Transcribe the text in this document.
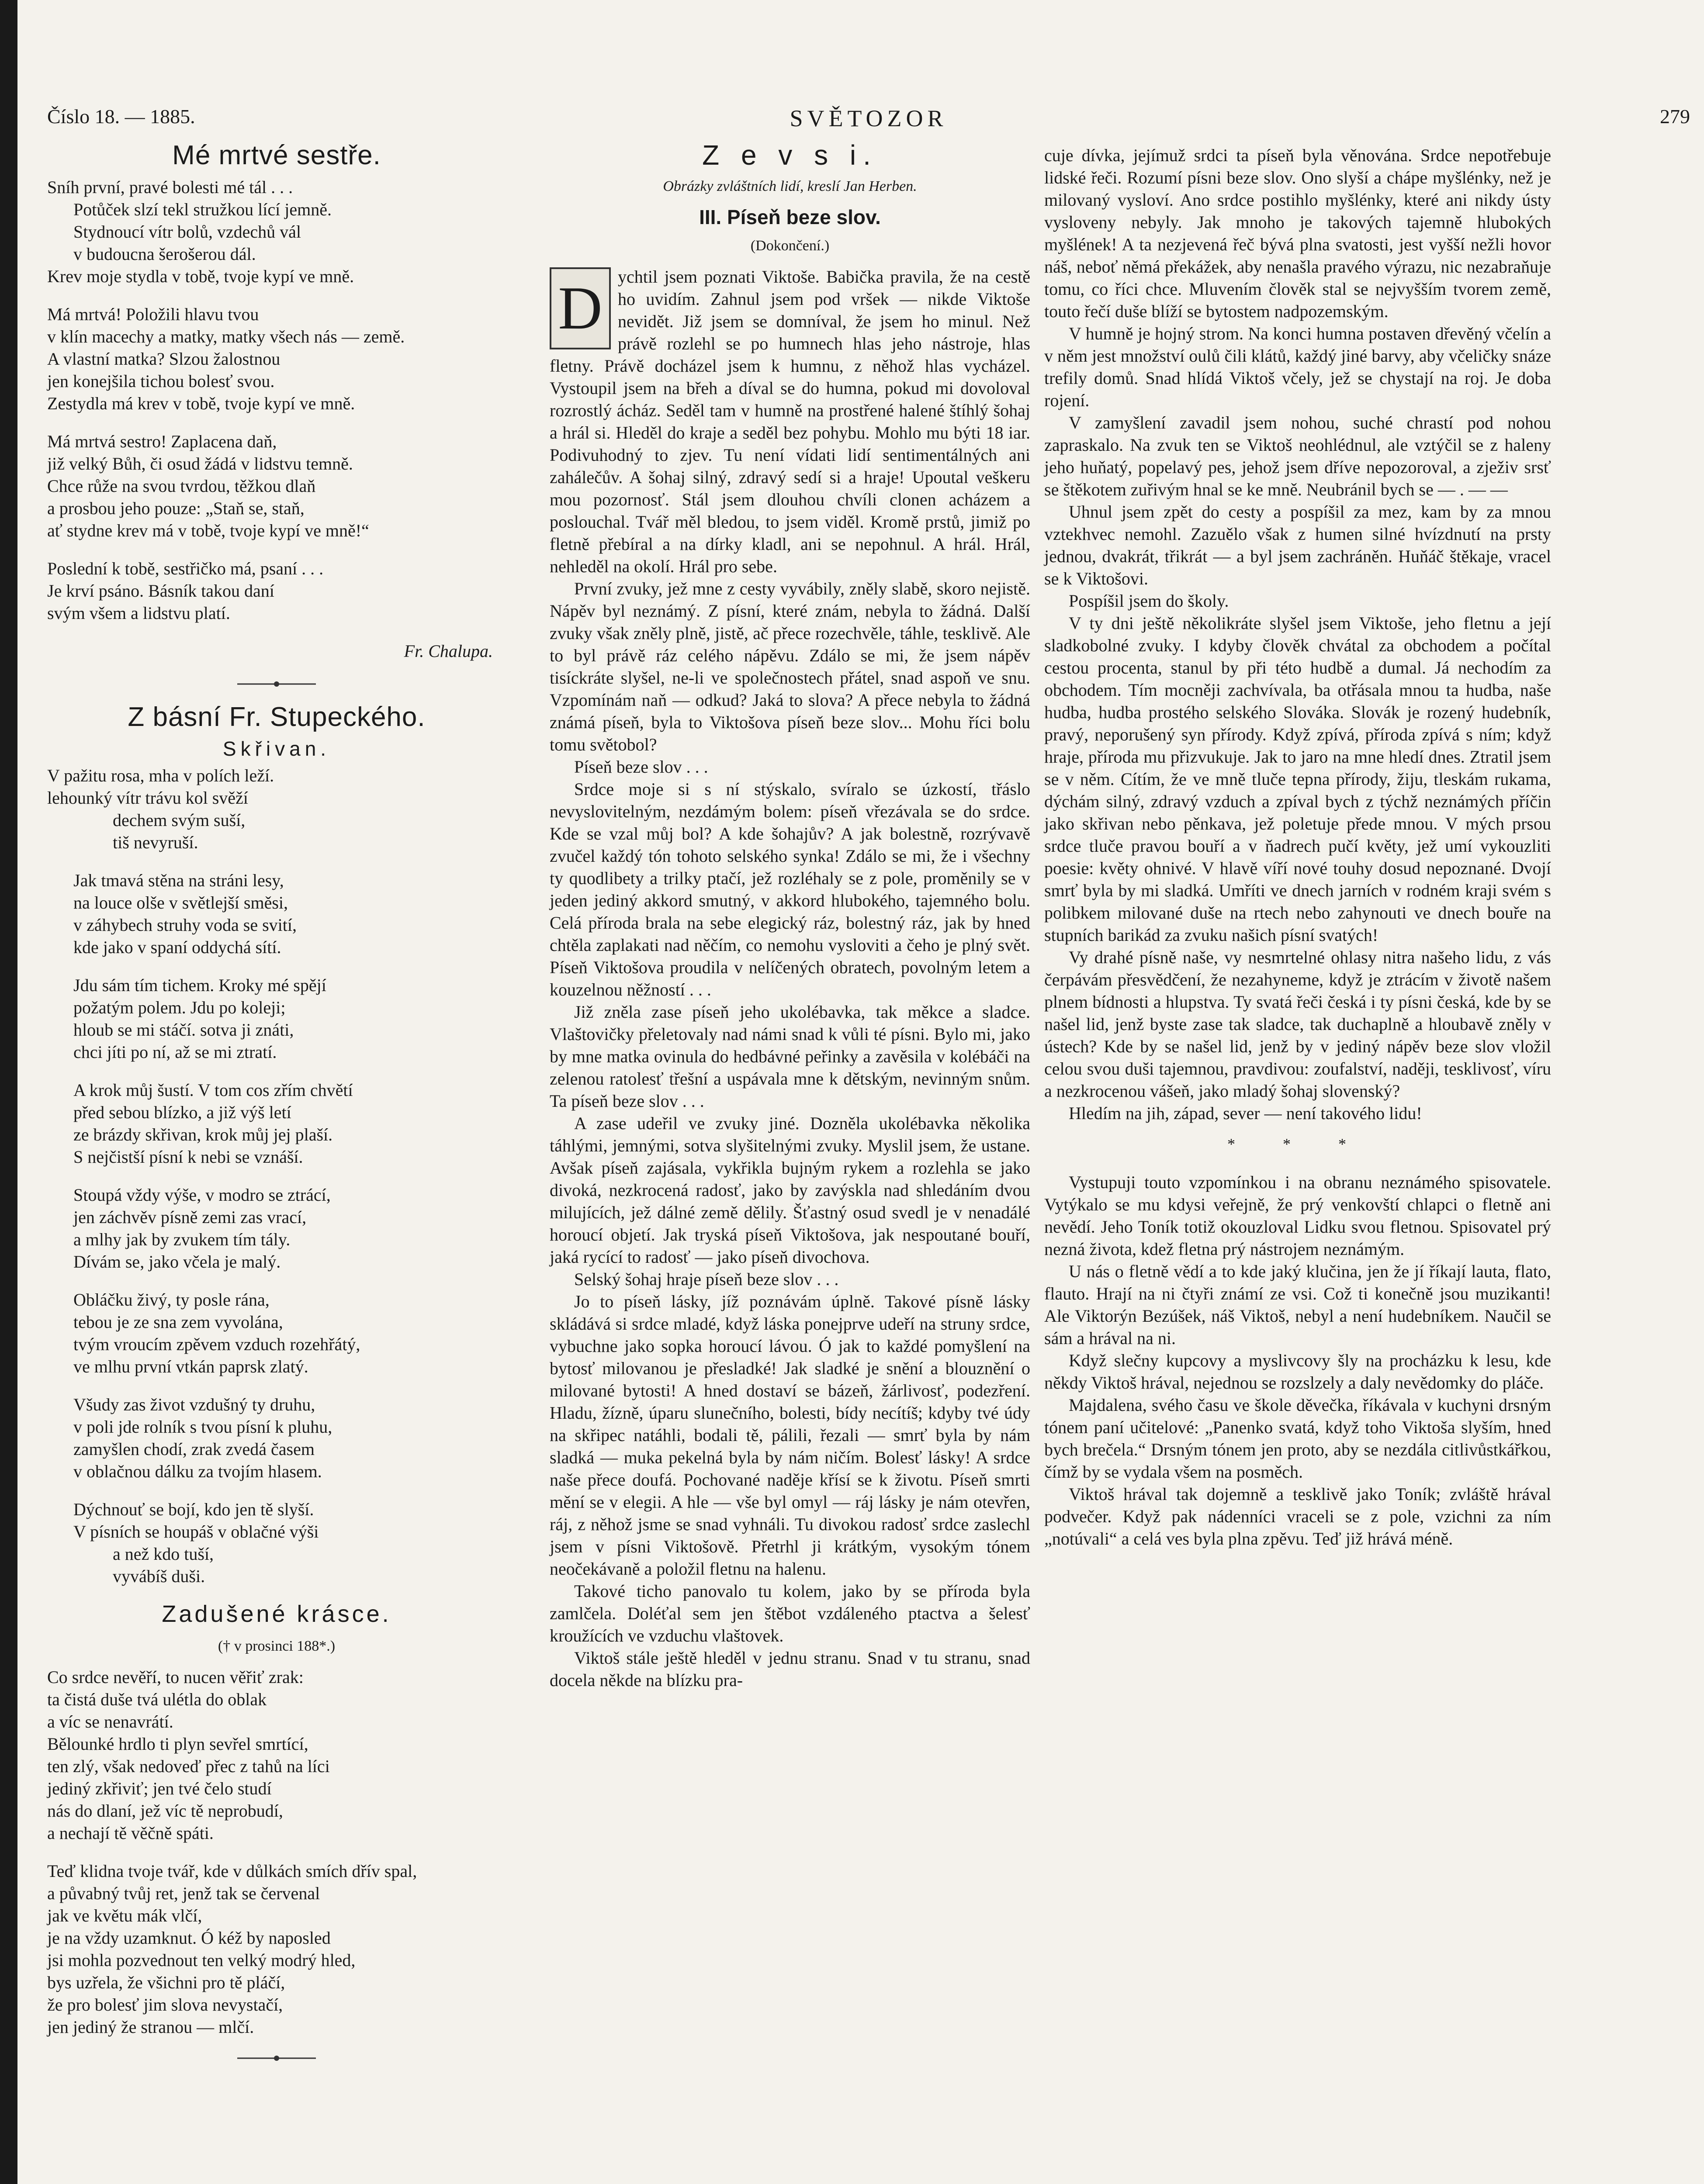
Číslo 18. — 1885.	SVĚTOZOR	279
Mé mrtvé sestře.
Sníh první, pravé bolesti mé tál . . .
Potůček slzí tekl stružkou lící jemně.
Stydnoucí vítr bolů, vzdechů vál
v budoucna šerošerou dál.
Krev moje stydla v tobě, tvoje kypí ve mně.
Má mrtvá! Položili hlavu tvou
v klín macechy a matky, matky všech nás — země.
A vlastní matka? Slzou žalostnou
jen konejšila tichou bolesť svou.
Zestydla má krev v tobě, tvoje kypí ve mně.
Má mrtvá sestro! Zaplacena daň,
již velký Bůh, či osud žádá v lidstvu temně.
Chce růže na svou tvrdou, těžkou dlaň
a prosbou jeho pouze: „Staň se, staň,
ať stydne krev má v tobě, tvoje kypí ve mně!“
Poslední k tobě, sestřičko má, psaní . . .
Je krví psáno. Básník takou daní
svým všem a lidstvu platí.
Fr. Chalupa.
Z básní Fr. Stupeckého.
Skřivan.
V pažitu rosa, mha v polích leží.
lehounký vítr trávu kol svěží
dechem svým suší,
tiš nevyruší.
Jak tmavá stěna na stráni lesy,
na louce olše v světlejší směsi,
v záhybech struhy voda se svití,
kde jako v spaní oddychá sítí.
Jdu sám tím tichem. Kroky mé spějí
požatým polem. Jdu po koleji;
hloub se mi stáčí. sotva ji znáti,
chci jíti po ní, až se mi ztratí.
A krok můj šustí. V tom cos zřím chvětí
před sebou blízko, a již výš letí
ze brázdy skřivan, krok můj jej plaší.
S nejčistší písní k nebi se vznáší.
Stoupá vždy výše, v modro se ztrácí,
jen záchvěv písně zemi zas vrací,
a mlhy jak by zvukem tím tály.
Dívám se, jako včela je malý.
Obláčku živý, ty posle rána,
tebou je ze sna zem vyvolána,
tvým vroucím zpěvem vzduch rozehřátý,
ve mlhu první vtkán paprsk zlatý.
Všudy zas život vzdušný ty druhu,
v poli jde rolník s tvou písní k pluhu,
zamyšlen chodí, zrak zvedá časem
v oblačnou dálku za tvojím hlasem.
Dýchnouť se bojí, kdo jen tě slyší.
V písních se houpáš v oblačné výši
a než kdo tuší,
vyvábíš duši.
Zadušené krásce.
(† v prosinci 188*.)
Co srdce nevěří, to nucen věřiť zrak:
ta čistá duše tvá ulétla do oblak
a víc se nenavrátí.
Bělounké hrdlo ti plyn sevřel smrtící,
ten zlý, však nedoveď přec z tahů na líci
jediný zkřiviť; jen tvé čelo studí
nás do dlaní, jež víc tě neprobudí,
a nechají tě věčně spáti.
Teď klidna tvoje tvář, kde v důlkách smích dřív spal,
a půvabný tvůj ret, jenž tak se červenal
jak ve květu mák vlčí,
je na vždy uzamknut. Ó kéž by naposled
jsi mohla pozvednout ten velký modrý hled,
bys uzřela, že všichni pro tě pláčí,
že pro bolesť jim slova nevystačí,
jen jediný že stranou — mlčí.
Z e v s i.
Obrázky zvláštních lidí, kreslí Jan Herben.
III. Píseň beze slov.
(Dokončení.)

D ychtil jsem poznati Viktoše. Babička pravila, že na cestě ho uvidím. Zahnul jsem pod vršek — nikde Viktoše nevidět. Již jsem se domníval, že jsem ho minul. Než právě rozlehl se po humnech hlas jeho nástroje, hlas fletny. Právě docházel jsem k humnu, z něhož hlas vycházel. Vystoupil jsem na břeh a díval se do humna, pokud mi dovoloval rozrostlý ácház. Seděl tam v humně na prostřené halené štíhlý šohaj a hrál si. Hleděl do kraje a seděl bez pohybu. Mohlo mu býti 18 iar. Podivuhodný to zjev. Tu není vídati lidí sentimentálných ani zahálečův. A šohaj silný, zdravý sedí si a hraje! Upoutal veškeru mou pozornosť. Stál jsem dlouhou chvíli clonen acházem a poslouchal. Tvář měl bledou, to jsem viděl. Kromě prstů, jimiž po fletně přebíral a na dírky kladl, ani se nepohnul. A hrál. Hrál, nehleděl na okolí. Hrál pro sebe.

První zvuky, jež mne z cesty vyvábily, zněly slabě, skoro nejistě. Nápěv byl neznámý. Z písní, které znám, nebyla to žádná. Další zvuky však zněly plně, jistě, ač přece rozechvěle, táhle, tesklivě. Ale to byl právě ráz celého nápěvu. Zdálo se mi, že jsem nápěv tisíckráte slyšel, ne-li ve společnostech přátel, snad aspoň ve snu. Vzpomínám naň — odkud? Jaká to slova? A přece nebyla to žádná známá píseň, byla to Viktošova píseň beze slov... Mohu říci bolu tomu světobol?

Píseň beze slov . . .

Srdce moje si s ní stýskalo, svíralo se úzkostí, třáslo nevyslovitelným, nezdámým bolem: píseň vřezávala se do srdce. Kde se vzal můj bol? A kde šohajův? A jak bolestně, rozrývavě zvučel každý tón tohoto selského synka! Zdálo se mi, že i všechny ty quodlibety a trilky ptačí, jež rozléhaly se z pole, proměnily se v jeden jediný akkord smutný, v akkord hlubokého, tajemného bolu. Celá příroda brala na sebe elegický ráz, bolestný ráz, jak by hned chtěla zaplakati nad něčím, co nemohu vysloviti a čeho je plný svět. Píseň Viktošova proudila v nelíčených obratech, povolným letem a kouzelnou něžností . . .

Již zněla zase píseň jeho ukolébavka, tak měkce a sladce. Vlaštovičky přeletovaly nad námi snad k vůli té písni. Bylo mi, jako by mne matka ovinula do hedbávné peřinky a zavěsila v kolébáči na zelenou ratolesť třešní a uspávala mne k dětským, nevinným snům. Ta píseň beze slov . . .

A zase udeřil ve zvuky jiné. Dozněla ukolébavka několika táhlými, jemnými, sotva slyšitelnými zvuky. Myslil jsem, že ustane. Avšak píseň zajásala, vykřikla bujným rykem a rozlehla se jako divoká, nezkrocená radosť, jako by zavýskla nad shledáním dvou milujících, jež dálné země dělily. Šťastný osud svedl je v nenadálé horoucí objetí. Jak tryská píseň Viktošova, jak nespoutané bouří, jaká rycící to radosť — jako píseň divochova.

Selský šohaj hraje píseň beze slov . . .

Jo to píseň lásky, jíž poznávám úplně. Takové písně lásky skládává si srdce mladé, když láska ponejprve udeří na struny srdce, vybuchne jako sopka horoucí lávou. Ó jak to každé pomyšlení na bytosť milovanou je přesladké! Jak sladké je snění a blouznění o milované bytosti! A hned dostaví se bázeň, žárlivosť, podezření. Hladu, žízně, úparu slunečního, bolesti, bídy necítíš; kdyby tvé údy na skřipec natáhli, bodali tě, pálili, řezali — smrť byla by nám sladká — muka pekelná byla by nám ničím. Bolesť lásky! A srdce naše přece doufá. Pochované naděje křísí se k životu. Píseň smrti mění se v elegii. A hle — vše byl omyl — ráj lásky je nám otevřen, ráj, z něhož jsme se snad vyhnáli. Tu divokou radosť srdce zaslechl jsem v písni Viktošově. Přetrhl ji krátkým, vysokým tónem neočekávaně a položil fletnu na halenu.

Takové ticho panovalo tu kolem, jako by se příroda byla zamlčela. Doléťal sem jen štěbot vzdáleného ptactva a šelesť kroužících ve vzduchu vlaštovek.

Viktoš stále ještě hleděl v jednu stranu. Snad v tu stranu, snad docela někde na blízku pra-

cuje dívka, jejímuž srdci ta píseň byla věnována. Srdce nepotřebuje lidské řeči. Rozumí písni beze slov. Ono slyší a chápe myšlénky, než je milovaný vysloví. Ano srdce postihlo myšlénky, které ani nikdy ústy vysloveny nebyly. Jak mnoho je takových tajemně hlubokých myšlének! A ta nezjevená řeč bývá plna svatosti, jest vyšší nežli hovor náš, neboť němá překážek, aby nenašla pravého výrazu, nic nezabraňuje tomu, co říci chce. Mluvením člověk stal se nejvyšším tvorem země, touto řečí duše blíží se bytostem nadpozemským.

V humně je hojný strom. Na konci humna postaven dřevěný včelín a v něm jest množství oulů čili klátů, každý jiné barvy, aby včeličky snáze trefily domů. Snad hlídá Viktoš včely, jež se chystají na roj. Je doba rojení.

V zamyšlení zavadil jsem nohou, suché chrastí pod nohou zapraskalo. Na zvuk ten se Viktoš neohlédnul, ale vztýčil se z haleny jeho huňatý, popelavý pes, jehož jsem dříve nepozoroval, a zježiv srsť se štěkotem zuřivým hnal se ke mně. Neubránil bych se — . — —

Uhnul jsem zpět do cesty a pospíšil za mez, kam by za mnou vztekhvec nemohl. Zazuělo však z humen silné hvízdnutí na prsty jednou, dvakrát, třikrát — a byl jsem zachráněn. Huňáč štěkaje, vracel se k Viktošovi.

Pospíšil jsem do školy.

V ty dni ještě několikráte slyšel jsem Viktoše, jeho fletnu a její sladkobolné zvuky. I kdyby člověk chvátal za obchodem a počítal cestou procenta, stanul by při této hudbě a dumal. Já nechodím za obchodem. Tím mocněji zachvívala, ba otřásala mnou ta hudba, naše hudba, hudba prostého selského Slováka. Slovák je rozený hudebník, pravý, neporušený syn přírody. Když zpívá, příroda zpívá s ním; když hraje, příroda mu přizvukuje. Jak to jaro na mne hledí dnes. Ztratil jsem se v něm. Cítím, že ve mně tluče tepna přírody, žiju, tleskám rukama, dýchám silný, zdravý vzduch a zpíval bych z týchž neznámých příčin jako skřivan nebo pěnkava, jež poletuje přede mnou. V mých prsou srdce tluče pravou bouří a v ňadrech pučí květy, jež umí vykouzliti poesie: květy ohnivé. V hlavě víří nové touhy dosud nepoznané. Dvojí smrť byla by mi sladká. Umříti ve dnech jarních v rodném kraji svém s polibkem milované duše na rtech nebo zahynouti ve dnech bouře na stupních barikád za zvuku našich písní svatých!

Vy drahé písně naše, vy nesmrtelné ohlasy nitra našeho lidu, z vás čerpávám přesvědčení, že nezahyneme, když je ztrácím v životě našem plnem bídnosti a hlupstva. Ty svatá řeči česká i ty písni česká, kde by se našel lid, jenž byste zase tak sladce, tak duchaplně a hloubavě zněly v ústech? Kde by se našel lid, jenž by v jediný nápěv beze slov vložil celou svou duši tajemnou, pravdivou: zoufalství, naději, tesklivosť, víru a nezkrocenou vášeň, jako mladý šohaj slovenský?

Hledím na jih, západ, sever — není takového lidu!

* * *

Vystupuji touto vzpomínkou i na obranu neznámého spisovatele. Vytýkalo se mu kdysi veřejně, že prý venkovští chlapci o fletně ani nevědí. Jeho Toník totiž okouzloval Lidku svou fletnou. Spisovatel prý nezná života, kdež fletna prý nástrojem neznámým.

U nás o fletně vědí a to kde jaký klučina, jen že jí říkají lauta, flato, flauto. Hrají na ni čtyři známí ze vsi. Což ti konečně jsou muzikanti! Ale Viktorýn Bezúšek, náš Viktoš, nebyl a není hudebníkem. Naučil se sám a hrával na ni.

Když slečny kupcovy a myslivcovy šly na procházku k lesu, kde někdy Viktoš hrával, nejednou se rozslzely a daly nevědomky do pláče.

Majdalena, svého času ve škole děvečka, říkávala v kuchyni drsným tónem paní učitelové: „Panenko svatá, když toho Viktoša slyším, hned bych brečela.“ Drsným tónem jen proto, aby se nezdála citlivůstkářkou, čímž by se vydala všem na posměch.

Viktoš hrával tak dojemně a tesklivě jako Toník; zvláště hrával podvečer. Když pak nádenníci vraceli se z pole, vzichni za ním „notúvali“ a celá ves byla plna zpěvu. Teď již hrává méně.
